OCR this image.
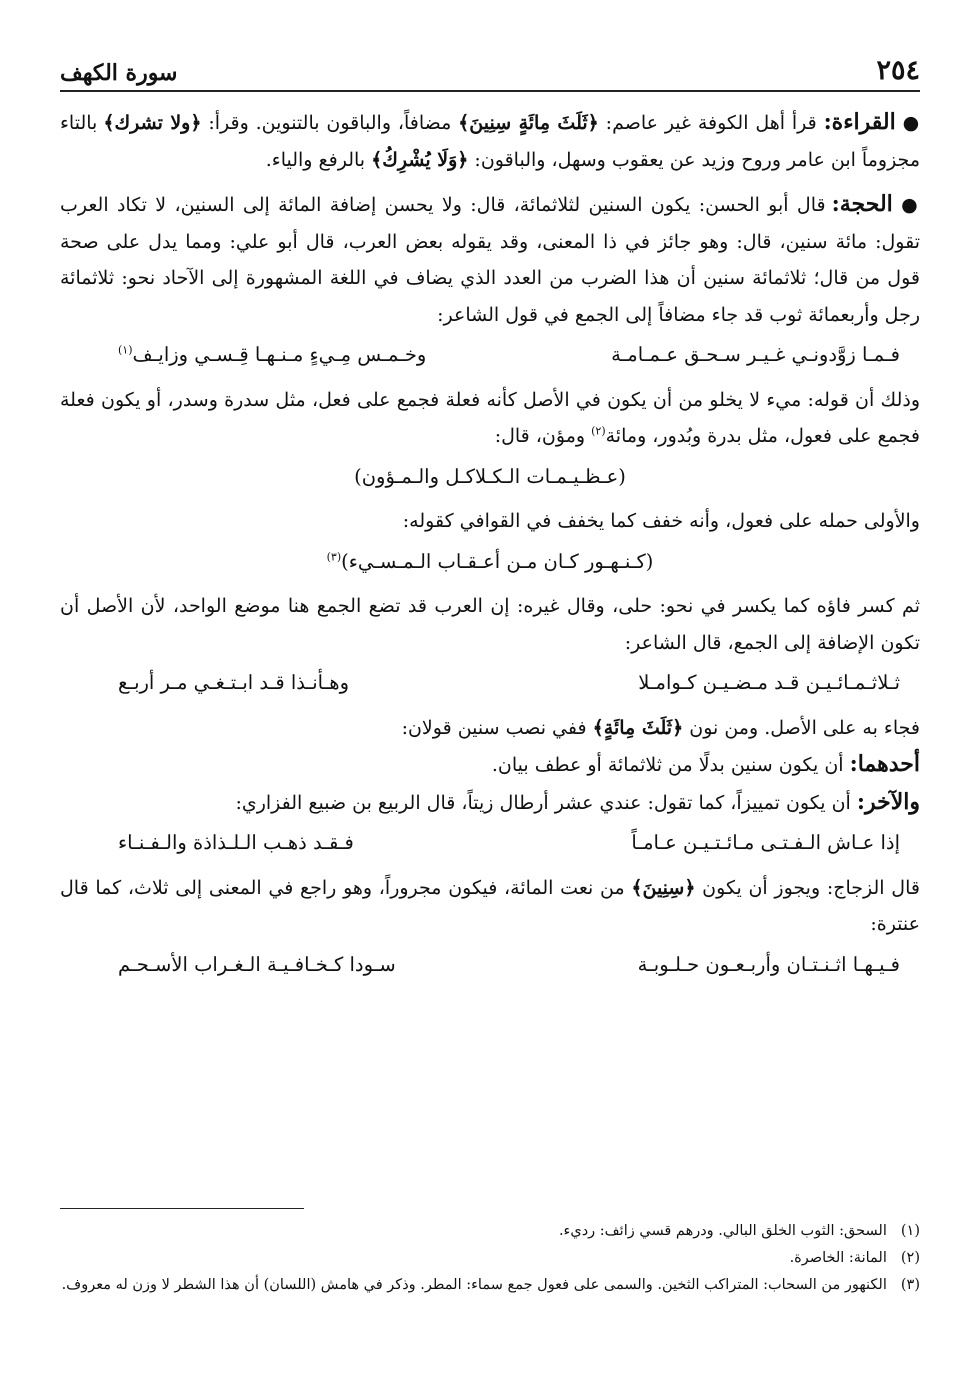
٢٥٤
سورة الكهف

● القراءة: قرأ أهل الكوفة غير عاصم: ﴿ثَلَثَ مِائَةٍ سِنِينَ﴾ مضافاً، والباقون بالتنوين. وقرأ: ﴿ولا تشرك﴾ بالتاء مجزوماً ابن عامر وروح وزيد عن يعقوب وسهل، والباقون: ﴿وَلَا يُشْرِكُ﴾ بالرفع والياء.

● الحجة: قال أبو الحسن: يكون السنين لثلاثمائة، قال: ولا يحسن إضافة المائة إلى السنين، لا تكاد العرب تقول: مائة سنين، قال: وهو جائز في ذا المعنى، وقد يقوله بعض العرب، قال أبو علي: ومما يدل على صحة قول من قال؛ ثلاثمائة سنين أن هذا الضرب من العدد الذي يضاف في اللغة المشهورة إلى الآحاد نحو: ثلاثمائة رجل وأربعمائة ثوب قد جاء مضافاً إلى الجمع في قول الشاعر:

فـمـا زوَّدونـي غـيـر سـحـق عـمـامـة
وخـمـس مِـيءٍ مـنـهـا قِـسـي وزايـف$^{(١)}$

وذلك أن قوله: ميء لا يخلو من أن يكون في الأصل كأنه فعلة فجمع على فعل، مثل سدرة وسدر، أو يكون فعلة فجمع على فعول، مثل بدرة وبُدور، ومائة$^{(٢)}$ ومؤن، قال:

(عـظـيـمـات الـكـلاكـل والـمـؤون)

والأولى حمله على فعول، وأنه خفف كما يخفف في القوافي كقوله:

(كـنـهـور كـان مـن أعـقـاب الـمـسـيء)$^{(٣)}$

ثم كسر فاؤه كما يكسر في نحو: حلى، وقال غيره: إن العرب قد تضع الجمع هنا موضع الواحد، لأن الأصل أن تكون الإضافة إلى الجمع، قال الشاعر:

ثـلاثـمـائـيـن قـد مـضـيـن كـوامـلا
وهـأنـذا قـد ابـتـغـي مـر أربـع

فجاء به على الأصل. ومن نون ﴿ثَلَثَ مِائَةٍ﴾ ففي نصب سنين قولان:

أحدهما: أن يكون سنين بدلًا من ثلاثمائة أو عطف بيان.

والآخر: أن يكون تمييزاً، كما تقول: عندي عشر أرطال زيتاً، قال الربيع بن ضبيع الفزاري:

إذا عـاش الـفـتـى مـائـتـيـن عـامـاً
فـقـد ذهـب الـلـذاذة والـفـنـاء

قال الزجاج: ويجوز أن يكون ﴿سِنِينَ﴾ من نعت المائة، فيكون مجروراً، وهو راجع في المعنى إلى ثلاث، كما قال عنترة:

فـيـهـا اثـنـتـان وأربـعـون حـلـوبـة
سـودا كـخـافـيـة الـغـراب الأسـحـم
(١)
السحق: الثوب الخلق البالي. ودرهم قسي زائف: رديء.
(٢)
المانة: الخاصرة.
(٣)
الكنهور من السحاب: المتراكب الثخين. والسمى على فعول جمع سماء: المطر. وذكر في هامش (اللسان) أن هذا الشطر لا وزن له معروف.
